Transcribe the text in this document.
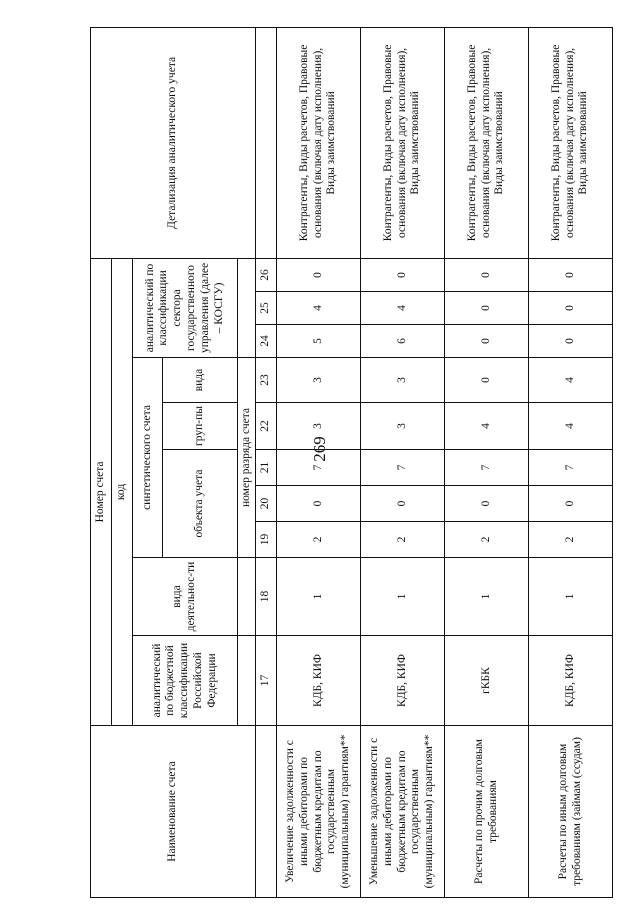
269
Наименование счета	Номер счета										Детализация аналитического учета
	код										
	аналитический по бюджетной классификации Российской Федерации	вида деятельнос-ти	синтетического счета					аналитический по классификации сектора государственного управления (далее – КОСГУ)			
			объекта учета			груп-пы	вида				

			номер разряда счета								
	17	18	19	20	21	22	23	24	25	26	
Увеличение задолженности с иными дебиторами по бюджетным кредитам по государственным (муниципальным) гарантиям**	КДБ, КИФ	1	2	0	7	3	3	5	4	0	Контрагенты, Виды расчетов, Правовые основания (включая дату исполнения), Виды заимствований
Уменьшение задолженности с иными дебиторами по бюджетным кредитам по государственным (муниципальным) гарантиям**	КДБ, КИФ	1	2	0	7	3	3	6	4	0	Контрагенты, Виды расчетов, Правовые основания (включая дату исполнения), Виды заимствований
Расчеты по прочим долговым требованиям	гКБК	1	2	0	7	4	0	0	0	0	Контрагенты, Виды расчетов, Правовые основания (включая дату исполнения), Виды заимствований
Расчеты по иным долговым требованиям (займам (ссудам)	КДБ, КИФ	1	2	0	7	4	4	0	0	0	Контрагенты, Виды расчетов, Правовые основания (включая дату исполнения), Виды заимствований
